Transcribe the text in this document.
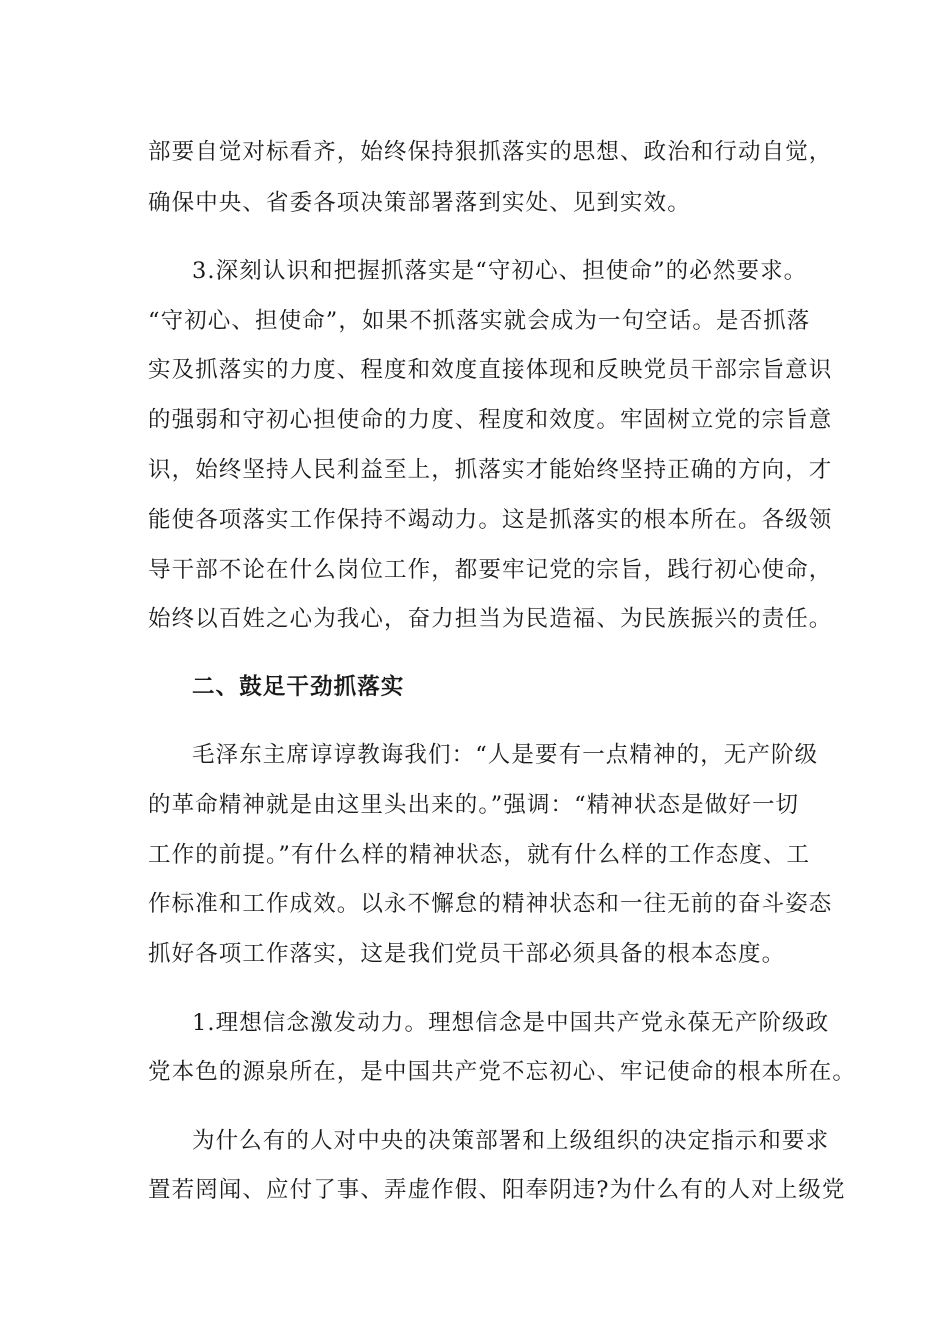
部要自觉对标看齐，始终保持狠抓落实的思想、政治和行动自觉，
确保中央、省委各项决策部署落到实处、见到实效。
3.深刻认识和把握抓落实是“守初心、担使命”的必然要求。
“守初心、担使命”，如果不抓落实就会成为一句空话。是否抓落
实及抓落实的力度、程度和效度直接体现和反映党员干部宗旨意识
的强弱和守初心担使命的力度、程度和效度。牢固树立党的宗旨意
识，始终坚持人民利益至上，抓落实才能始终坚持正确的方向，才
能使各项落实工作保持不竭动力。这是抓落实的根本所在。各级领
导干部不论在什么岗位工作，都要牢记党的宗旨，践行初心使命，
始终以百姓之心为我心，奋力担当为民造福、为民族振兴的责任。
二、鼓足干劲抓落实
毛泽东主席谆谆教诲我们：“人是要有一点精神的，无产阶级
的革命精神就是由这里头出来的。”强调：“精神状态是做好一切
工作的前提。”有什么样的精神状态，就有什么样的工作态度、工
作标准和工作成效。以永不懈怠的精神状态和一往无前的奋斗姿态
抓好各项工作落实，这是我们党员干部必须具备的根本态度。
1.理想信念激发动力。理想信念是中国共产党永葆无产阶级政
党本色的源泉所在，是中国共产党不忘初心、牢记使命的根本所在。
为什么有的人对中央的决策部署和上级组织的决定指示和要求
置若罔闻、应付了事、弄虚作假、阳奉阴违?为什么有的人对上级党
